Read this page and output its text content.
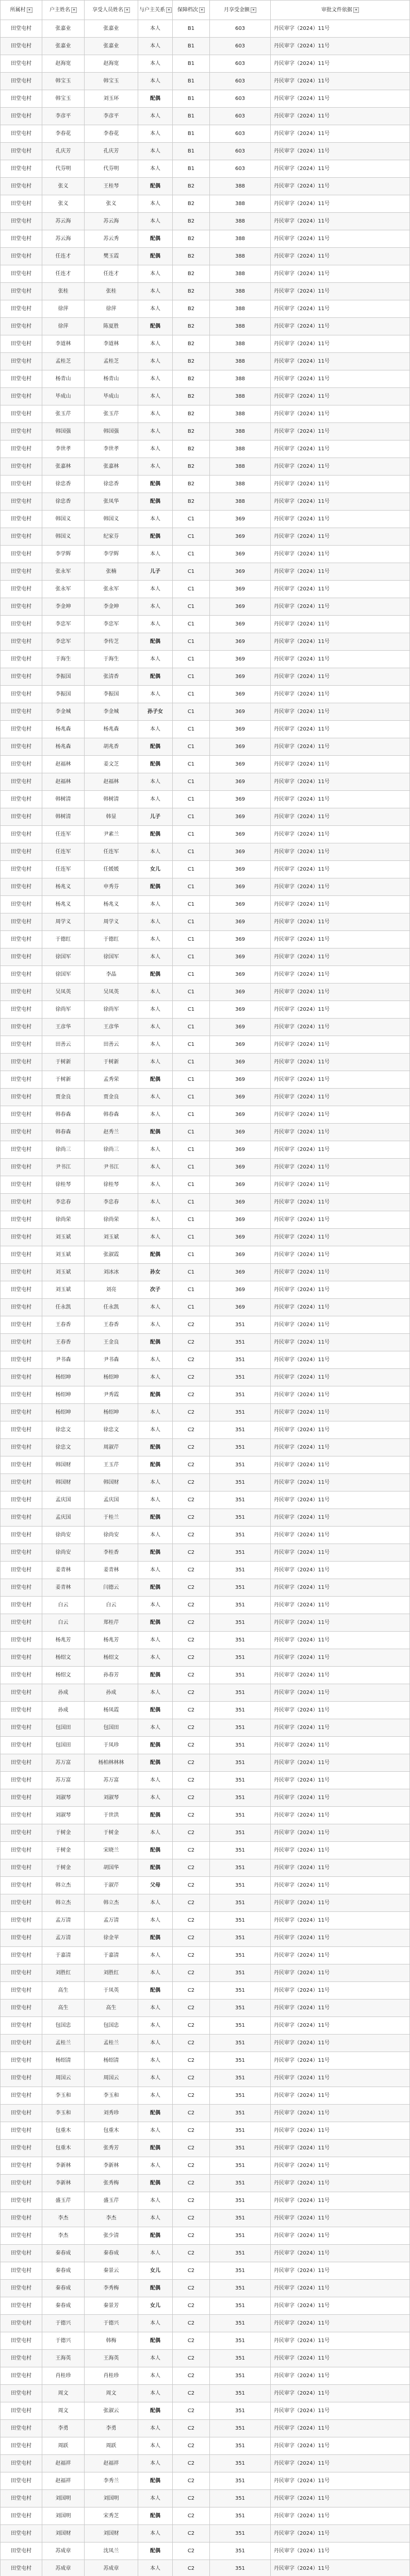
所属村 ▾	户主姓名 ▾	享受人员姓名 ▾	与户主关系 ▾	保障档次 ▾	月享受金额 ▾	审批文件依据 ▾

田堂屯村	张嘉业	张嘉业	本人	B1	603	丹民审字（2024）11号
田堂屯村	张嘉业	张嘉业	本人	B1	603	丹民审字（2024）11号
田堂屯村	赵海宽	赵海宽	本人	B1	603	丹民审字（2024）11号
田堂屯村	韩宝玉	韩宝玉	本人	B1	603	丹民审字（2024）11号
田堂屯村	韩宝玉	刘玉环	配偶	B1	603	丹民审字（2024）11号
田堂屯村	李彦平	李彦平	本人	B1	603	丹民审字（2024）11号
田堂屯村	李春花	李春花	本人	B1	603	丹民审字（2024）11号
田堂屯村	孔庆芳	孔庆芳	本人	B1	603	丹民审字（2024）11号
田堂屯村	代芬明	代芬明	本人	B1	603	丹民审字（2024）11号
田堂屯村	张义	王桂琴	配偶	B2	388	丹民审字（2024）11号
田堂屯村	张义	张义	本人	B2	388	丹民审字（2024）11号
田堂屯村	苏云海	苏云海	本人	B2	388	丹民审字（2024）11号
田堂屯村	苏云海	苏云秀	配偶	B2	388	丹民审字（2024）11号
田堂屯村	任连才	樊玉霞	配偶	B2	388	丹民审字（2024）11号
田堂屯村	任连才	任连才	本人	B2	388	丹民审字（2024）11号
田堂屯村	张桂	张桂	本人	B2	388	丹民审字（2024）11号
田堂屯村	徐萍	徐萍	本人	B2	388	丹民审字（2024）11号
田堂屯村	徐萍	陈夏胜	配偶	B2	388	丹民审字（2024）11号
田堂屯村	李道林	李道林	本人	B2	388	丹民审字（2024）11号
田堂屯村	孟桂芝	孟桂芝	本人	B2	388	丹民审字（2024）11号
田堂屯村	杨青山	杨青山	本人	B2	388	丹民审字（2024）11号
田堂屯村	毕成山	毕成山	本人	B2	388	丹民审字（2024）11号
田堂屯村	张玉芹	张玉芹	本人	B2	388	丹民审字（2024）11号
田堂屯村	韩国强	韩国强	本人	B2	388	丹民审字（2024）11号
田堂屯村	李世孝	李世孝	本人	B2	388	丹民审字（2024）11号
田堂屯村	张嘉林	张嘉林	本人	B2	388	丹民审字（2024）11号
田堂屯村	徐忠香	徐忠香	配偶	B2	388	丹民审字（2024）11号
田堂屯村	徐忠香	张凤华	配偶	B2	388	丹民审字（2024）11号
田堂屯村	韩国义	韩国义	本人	C1	369	丹民审字（2024）11号
田堂屯村	韩国义	纪家芬	配偶	C1	369	丹民审字（2024）11号
田堂屯村	李学辉	李学辉	本人	C1	369	丹民审字（2024）11号
田堂屯村	张永军	张楠	儿子	C1	369	丹民审字（2024）11号
田堂屯村	张永军	张永军	本人	C1	369	丹民审字（2024）11号
田堂屯村	李金坤	李金坤	本人	C1	369	丹民审字（2024）11号
田堂屯村	李忠军	李忠军	本人	C1	369	丹民审字（2024）11号
田堂屯村	李忠军	李传芝	配偶	C1	369	丹民审字（2024）11号
田堂屯村	于海生	于海生	本人	C1	369	丹民审字（2024）11号
田堂屯村	李振国	张清香	配偶	C1	369	丹民审字（2024）11号
田堂屯村	李振国	李振国	本人	C1	369	丹民审字（2024）11号
田堂屯村	李金城	李金城	孙子女	C1	369	丹民审字（2024）11号
田堂屯村	杨兆森	杨兆森	本人	C1	369	丹民审字（2024）11号
田堂屯村	杨兆森	胡兆香	配偶	C1	369	丹民审字（2024）11号
田堂屯村	赵福林	姜文芝	配偶	C1	369	丹民审字（2024）11号
田堂屯村	赵福林	赵福林	本人	C1	369	丹民审字（2024）11号
田堂屯村	韩树清	韩树清	本人	C1	369	丹民审字（2024）11号
田堂屯村	韩树清	韩显	儿子	C1	369	丹民审字（2024）11号
田堂屯村	任连军	尹素兰	配偶	C1	369	丹民审字（2024）11号
田堂屯村	任连军	任连军	本人	C1	369	丹民审字（2024）11号
田堂屯村	任连军	任媛媛	女儿	C1	369	丹民审字（2024）11号
田堂屯村	杨兆义	申秀芬	配偶	C1	369	丹民审字（2024）11号
田堂屯村	杨兆义	杨兆义	本人	C1	369	丹民审字（2024）11号
田堂屯村	周学义	周学义	本人	C1	369	丹民审字（2024）11号
田堂屯村	于德红	于德红	本人	C1	369	丹民审字（2024）11号
田堂屯村	徐国军	徐国军	本人	C1	369	丹民审字（2024）11号
田堂屯村	徐国军	李晶	配偶	C1	369	丹民审字（2024）11号
田堂屯村	吴凤英	吴凤英	本人	C1	369	丹民审字（2024）11号
田堂屯村	徐尚军	徐尚军	本人	C1	369	丹民审字（2024）11号
田堂屯村	王彦华	王彦华	本人	C1	369	丹民审字（2024）11号
田堂屯村	田善云	田善云	本人	C1	369	丹民审字（2024）11号
田堂屯村	于树新	于树新	本人	C1	369	丹民审字（2024）11号
田堂屯村	于树新	孟秀荣	配偶	C1	369	丹民审字（2024）11号
田堂屯村	贾金良	贾金良	本人	C1	369	丹民审字（2024）11号
田堂屯村	韩春森	韩春森	本人	C1	369	丹民审字（2024）11号
田堂屯村	韩春森	赵秀兰	配偶	C1	369	丹民审字（2024）11号
田堂屯村	徐尚三	徐尚三	本人	C1	369	丹民审字（2024）11号
田堂屯村	尹书江	尹书江	本人	C1	369	丹民审字（2024）11号
田堂屯村	徐桂琴	徐桂琴	本人	C1	369	丹民审字（2024）11号
田堂屯村	李忠春	李忠春	本人	C1	369	丹民审字（2024）11号
田堂屯村	徐尚荣	徐尚荣	本人	C1	369	丹民审字（2024）11号
田堂屯村	刘玉斌	刘玉斌	本人	C1	369	丹民审字（2024）11号
田堂屯村	刘玉斌	张淑霞	配偶	C1	369	丹民审字（2024）11号
田堂屯村	刘玉斌	刘冰冰	孙女	C1	369	丹民审字（2024）11号
田堂屯村	刘玉斌	刘亮	次子	C1	369	丹民审字（2024）11号
田堂屯村	任永凯	任永凯	本人	C1	369	丹民审字（2024）11号
田堂屯村	王春香	王春香	本人	C2	351	丹民审字（2024）11号
田堂屯村	王春香	王金良	配偶	C2	351	丹民审字（2024）11号
田堂屯村	尹书森	尹书森	本人	C2	351	丹民审字（2024）11号
田堂屯村	杨绍坤	杨绍坤	本人	C2	351	丹民审字（2024）11号
田堂屯村	杨绍坤	尹秀霞	配偶	C2	351	丹民审字（2024）11号
田堂屯村	杨绍坤	杨绍坤	本人	C2	351	丹民审字（2024）11号
田堂屯村	徐忠文	徐忠文	本人	C2	351	丹民审字（2024）11号
田堂屯村	徐忠文	周淑芹	配偶	C2	351	丹民审字（2024）11号
田堂屯村	韩国财	王玉芹	配偶	C2	351	丹民审字（2024）11号
田堂屯村	韩国财	韩国财	本人	C2	351	丹民审字（2024）11号
田堂屯村	孟庆国	孟庆国	本人	C2	351	丹民审字（2024）11号
田堂屯村	孟庆国	于桂兰	配偶	C2	351	丹民审字（2024）11号
田堂屯村	徐尚安	徐尚安	本人	C2	351	丹民审字（2024）11号
田堂屯村	徐尚安	李桂香	配偶	C2	351	丹民审字（2024）11号
田堂屯村	姜青林	姜青林	本人	C2	351	丹民审字（2024）11号
田堂屯村	姜青林	闫德云	配偶	C2	351	丹民审字（2024）11号
田堂屯村	白云	白云	本人	C2	351	丹民审字（2024）11号
田堂屯村	白云	郑桂芹	配偶	C2	351	丹民审字（2024）11号
田堂屯村	杨兆芳	杨兆芳	本人	C2	351	丹民审字（2024）11号
田堂屯村	杨绍文	杨绍文	本人	C2	351	丹民审字（2024）11号
田堂屯村	杨绍文	孙春芳	配偶	C2	351	丹民审字（2024）11号
田堂屯村	孙成	孙成	本人	C2	351	丹民审字（2024）11号
田堂屯村	孙成	杨凤霞	配偶	C2	351	丹民审字（2024）11号
田堂屯村	包国田	包国田	本人	C2	351	丹民审字（2024）11号
田堂屯村	包国田	于凤珍	配偶	C2	351	丹民审字（2024）11号
田堂屯村	苏万富	杨柏林林林	配偶	C2	351	丹民审字（2024）11号
田堂屯村	苏万富	苏万富	本人	C2	351	丹民审字（2024）11号
田堂屯村	刘淑琴	刘淑琴	本人	C2	351	丹民审字（2024）11号
田堂屯村	刘淑琴	于世洪	配偶	C2	351	丹民审字（2024）11号
田堂屯村	于树金	于树金	本人	C2	351	丹民审字（2024）11号
田堂屯村	于树金	宋晓兰	配偶	C2	351	丹民审字（2024）11号
田堂屯村	于树金	胡国华	配偶	C2	351	丹民审字（2024）11号
田堂屯村	韩立杰	于淑芹	父母	C2	351	丹民审字（2024）11号
田堂屯村	韩立杰	韩立杰	本人	C2	351	丹民审字（2024）11号
田堂屯村	孟万清	孟万清	本人	C2	351	丹民审字（2024）11号
田堂屯村	孟万清	徐金苹	配偶	C2	351	丹民审字（2024）11号
田堂屯村	于嘉清	于嘉清	本人	C2	351	丹民审字（2024）11号
田堂屯村	刘胜红	刘胜红	本人	C2	351	丹民审字（2024）11号
田堂屯村	高生	于凤英	配偶	C2	351	丹民审字（2024）11号
田堂屯村	高生	高生	本人	C2	351	丹民审字（2024）11号
田堂屯村	包国忠	包国忠	本人	C2	351	丹民审字（2024）11号
田堂屯村	孟桂兰	孟桂兰	本人	C2	351	丹民审字（2024）11号
田堂屯村	杨绍清	杨绍清	本人	C2	351	丹民审字（2024）11号
田堂屯村	周国云	周国云	本人	C2	351	丹民审字（2024）11号
田堂屯村	李玉和	李玉和	本人	C2	351	丹民审字（2024）11号
田堂屯村	李玉和	刘秀珍	配偶	C2	351	丹民审字（2024）11号
田堂屯村	包重木	包重木	本人	C2	351	丹民审字（2024）11号
田堂屯村	包重木	张秀芳	配偶	C2	351	丹民审字（2024）11号
田堂屯村	李新林	李新林	本人	C2	351	丹民审字（2024）11号
田堂屯村	李新林	张秀梅	配偶	C2	351	丹民审字（2024）11号
田堂屯村	盛玉芹	盛玉芹	本人	C2	351	丹民审字（2024）11号
田堂屯村	李杰	李杰	本人	C2	351	丹民审字（2024）11号
田堂屯村	李杰	张少清	配偶	C2	351	丹民审字（2024）11号
田堂屯村	秦春成	秦春成	本人	C2	351	丹民审字（2024）11号
田堂屯村	秦春成	秦景云	女儿	C2	351	丹民审字（2024）11号
田堂屯村	秦春成	李秀梅	配偶	C2	351	丹民审字（2024）11号
田堂屯村	秦春成	秦景芳	女儿	C2	351	丹民审字（2024）11号
田堂屯村	于德兴	于德兴	本人	C2	351	丹民审字（2024）11号
田堂屯村	于德兴	韩梅	配偶	C2	351	丹民审字（2024）11号
田堂屯村	王海英	王海英	本人	C2	351	丹民审字（2024）11号
田堂屯村	肖桂珍	肖桂珍	本人	C2	351	丹民审字（2024）11号
田堂屯村	周文	周文	本人	C2	351	丹民审字（2024）11号
田堂屯村	周文	张淑云	配偶	C2	351	丹民审字（2024）11号
田堂屯村	李勇	李勇	本人	C2	351	丹民审字（2024）11号
田堂屯村	周跃	周跃	本人	C2	351	丹民审字（2024）11号
田堂屯村	赵福祥	赵福祥	本人	C2	351	丹民审字（2024）11号
田堂屯村	赵福祥	李秀兰	配偶	C2	351	丹民审字（2024）11号
田堂屯村	刘国明	刘国明	本人	C2	351	丹民审字（2024）11号
田堂屯村	刘国明	宋秀芝	配偶	C2	351	丹民审字（2024）11号
田堂屯村	刘国财	刘国财	本人	C2	351	丹民审字（2024）11号
田堂屯村	苏成章	沈凤兰	配偶	C2	351	丹民审字（2024）11号
田堂屯村	苏成章	苏成章	本人	C2	351	丹民审字（2024）11号
